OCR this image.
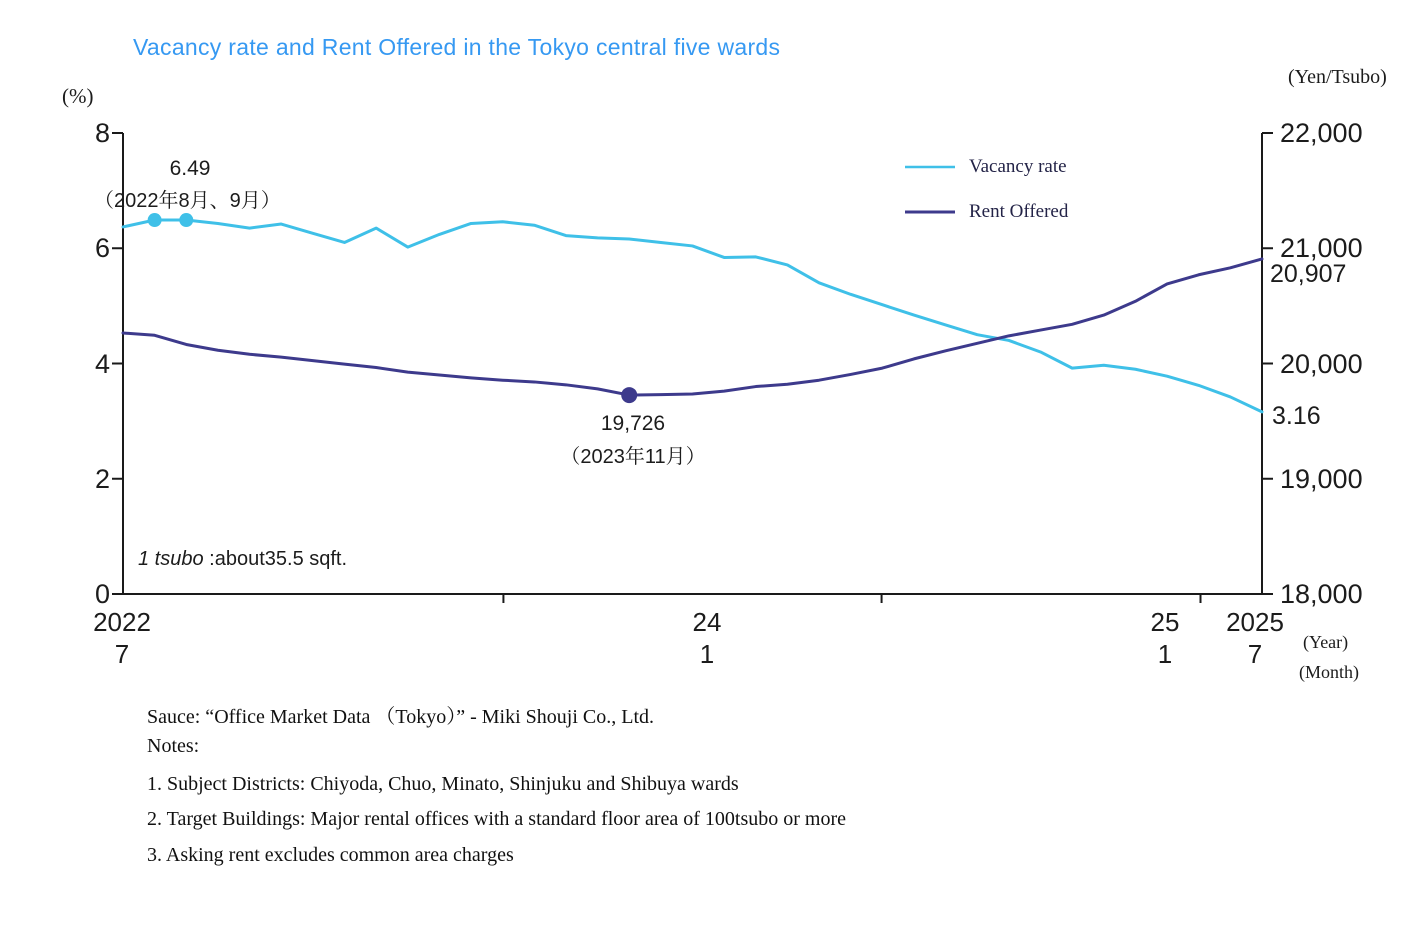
Vacancy rate and Rent Offered in the Tokyo central five wards
(%)
(Yen/Tsubo)
8
6
4
2
0
22,000
21,000
20,000
19,000
18,000
Vacancy rate
Rent Offered
6.49
（2022年8月、9月）
19,726
（2023年11月）
20,907
3.16
1 tsubo :about35.5 sqft.
2022
7
24
1
25
1
2025
7	(Year)
(Month)
Sauce: “Office Market Data （Tokyo）” - Miki Shouji Co., Ltd.
Notes:
1. Subject Districts: Chiyoda, Chuo, Minato, Shinjuku and Shibuya wards
2. Target Buildings: Major rental offices with a standard floor area of 100tsubo or more
3. Asking rent excludes common area charges
